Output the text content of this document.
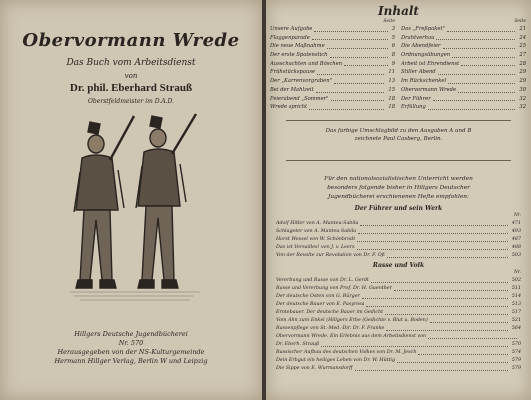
Obervormann Wrede
Das Buch vom Arbeitsdienst
von
Dr. phil. Eberhard Strauß
Oberstfeldmeister im D.A.D.
Hillgers Deutsche Jugendbücherei
Nr. 570
Herausgegeben von der NS-Kulturgemeinde
Hermann Hillger Verlag, Berlin W und Leipzig
Inhalt
Seite
Unsere Aufgabe	3
Flaggenparade	5
Die neue Maßnahme	6
Der erste Spatenstich	8
Ausschachten und Böschen	9
Frühstückspause	11
Der „Karrenvorgraben"	13
Bei der Mahlzeit	15
Feierabend „Sommer"	18
Wrede spricht	18
Seite
Das „Freßpaket"	21
Drahtverhau	24
Die Abendfeier	25
Ordnungsübungen	27
Arbeit ist Ehrendienst	28
Stiller Abend	29
Im Rückschenkel	29
Obervormann Wrede	30
Der Führer	32
Erfüllung	32
Das farbige Umschlagbild zu den Ausgaben A und B
zeichnete Paul Casberg, Berlin.
Für den nationalsozialistischen Unterricht werden
besonders folgende bisher in Hillgers Deutscher
Jugendbücherei erschienenen Hefte empfohlen:
Der Führer und sein Werk
Nr.
Adolf Hitler von A. Manteu-Sabila	471
Schlageter von A. Manteu-Sabila	493
Horst Wessel von W. Schönbrodt	487
Das ist Versailles! von J. v. Leers	488
Von der Revolte zur Revolution von Dr. F. Oß	503
Rasse und Volk
Nr.
Vererbung und Rasse von Dr. L. Gerdt	502
Rasse und Vererbung von Prof. Dr. H. Guenther	511
Der deutsche Osten von G. Bürger	514
Der deutsche Bauer von E. Pasyrosa	513
Erntebauer. Der deutsche Bauer im Gedicht	517
Vom Ahn zum Enkel (Hillgers Erbe (Gedichte v. Blut u. Boden)	521
Rassenpflege von St.-Med.-Dir. Dr. F. Franke	564
Obervormann Wrede. Ein Erlebnis aus dem Arbeitsdienst von
Dr. Eberh. Strauß	570
Rassischer Aufbau des deutschen Volkes von Dr. M. Jesch	574
Dein Erbgut ein heiliges Lehen von Dr. W. Hüttig	579
Die Sippe von E. Wurmansdorff	579
